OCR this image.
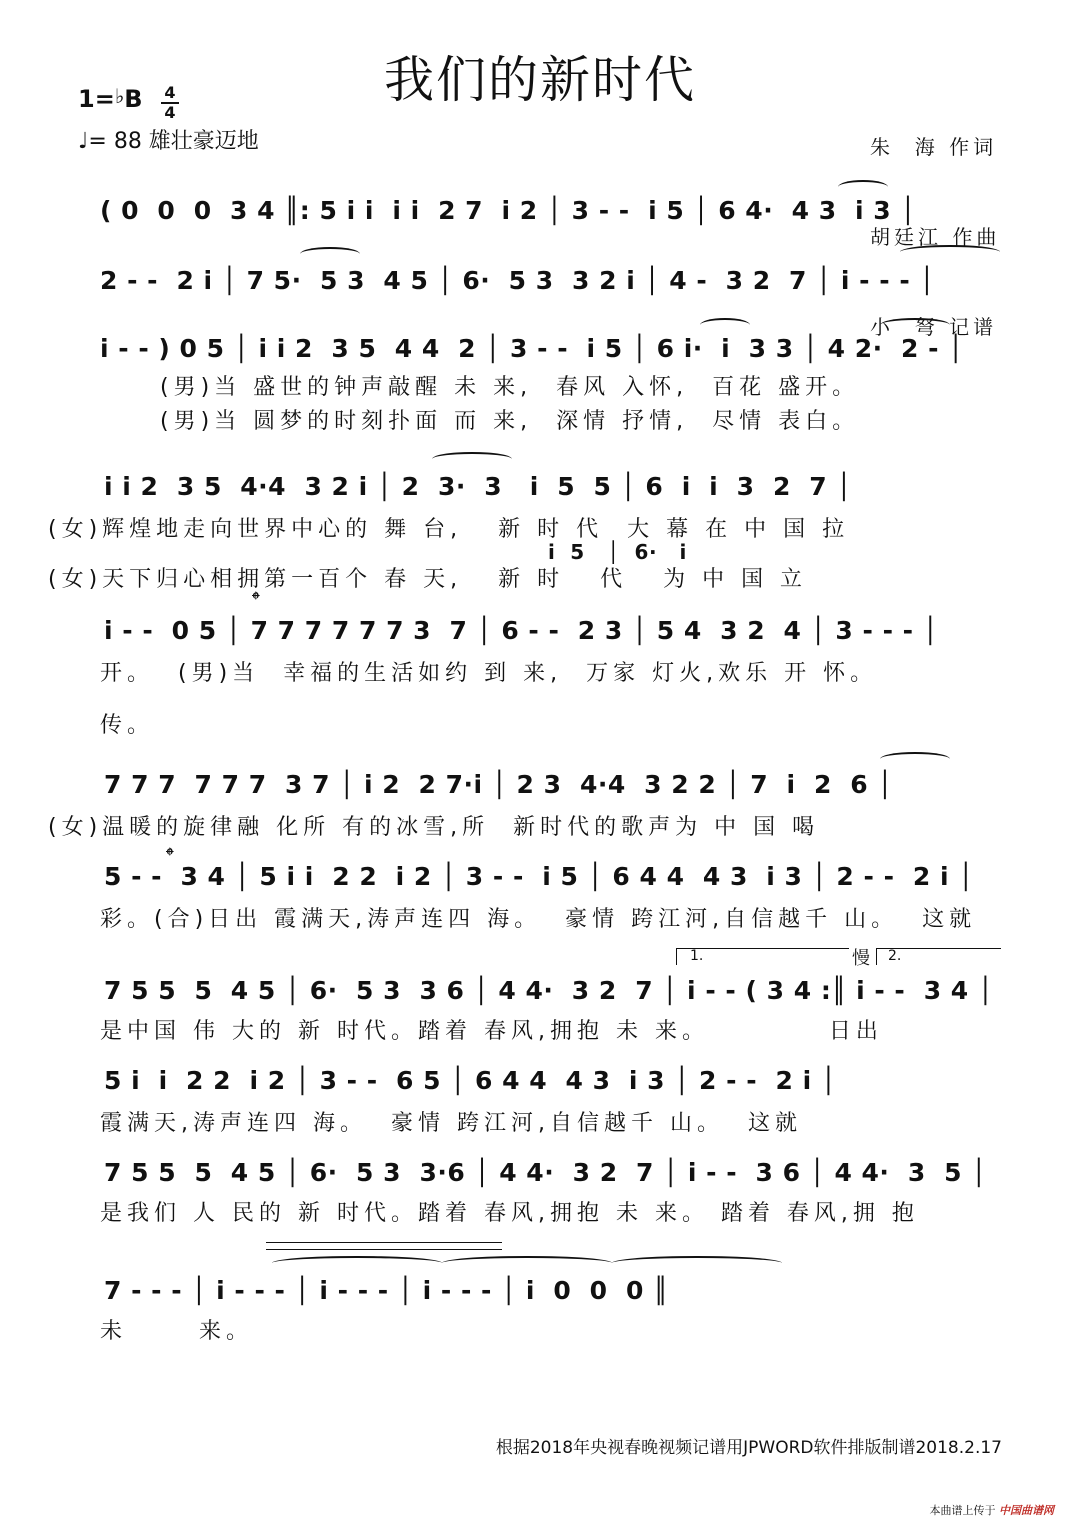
我们的新时代
1=♭B	4
4
♩= 88 雄壮豪迈地

	朱  海 作词

胡廷江 作曲

小  弩 记谱

( 0  0  0  3 4 ║: 5 i i  i i  2 7  i 2 │ 3 - -  i 5 │ 6 4·  4 3  i 3 │
2 - -  2 i │ 7 5·  5 3  4 5 │ 6·  5 3  3 2 i │ 4 -  3 2  7 │ i - - - │
i - - ) 0 5 │ i i 2  3 5  4 4  2 │ 3 - -  i 5 │ 6 i·  i  3 3 │ 4 2·  2 - │
(男)当 盛世的钟声敲醒 未 来,  春风 入怀,  百花 盛开。
(男)当 圆梦的时刻扑面 而 来,  深情 抒情,  尽情 表白。
i i 2  3 5  4·4  3 2 i │ 2  3·  3   i  5  5 │ 6  i  i  3  2  7 │
(女)辉煌地走向世界中心的 舞 台,   新 时 代  大 幕 在 中 国 拉
i  5   │  6·   i
(女)天下归心相拥第一百个 春 天,   新 时   代   为 中 国 立
𝄌
i - -  0 5 │ 7 7 7 7 7 7 3  7 │ 6 - -  2 3 │ 5 4  3 2  4 │ 3 - - - │
开。  (男)当  幸福的生活如约 到 来,  万家 灯火,欢乐 开 怀。
传。
7 7 7  7 7 7  3 7 │ i 2  2 7·i │ 2 3  4·4  3 2 2 │ 7  i  2  6 │
(女)温暖的旋律融 化所 有的冰雪,所  新时代的歌声为 中 国 喝
𝄌
5 - -  3 4 │ 5 i i  2 2  i 2 │ 3 - -  i 5 │ 6 4 4  4 3  i 3 │ 2 - -  2 i │
彩。(合)日出 霞满天,涛声连四 海。  豪情 跨江河,自信越千 山。  这就
1.	慢 2.
7 5 5  5  4 5 │ 6·  5 3  3 6 │ 4 4·  3 2  7 │ i - - ( 3 4 :║ i - -  3 4 │
是中国 伟 大的 新 时代。踏着 春风,拥抱 未 来。          日出
5 i  i  2 2  i 2 │ 3 - -  6 5 │ 6 4 4  4 3  i 3 │ 2 - -  2 i │
霞满天,涛声连四 海。  豪情 跨江河,自信越千 山。  这就
7 5 5  5  4 5 │ 6·  5 3  3·6 │ 4 4·  3 2  7 │ i - -  3 6 │ 4 4·  3  5 │
是我们 人 民的 新 时代。踏着 春风,拥抱 未 来。 踏着 春风,拥 抱
7 - - - │ i - - - │ i - - - │ i - - - │ i  0  0  0 ║
未      来。
根据2018年央视春晚视频记谱用JPWORD软件排版制谱2018.2.17
本曲谱上传于 中国曲谱网
